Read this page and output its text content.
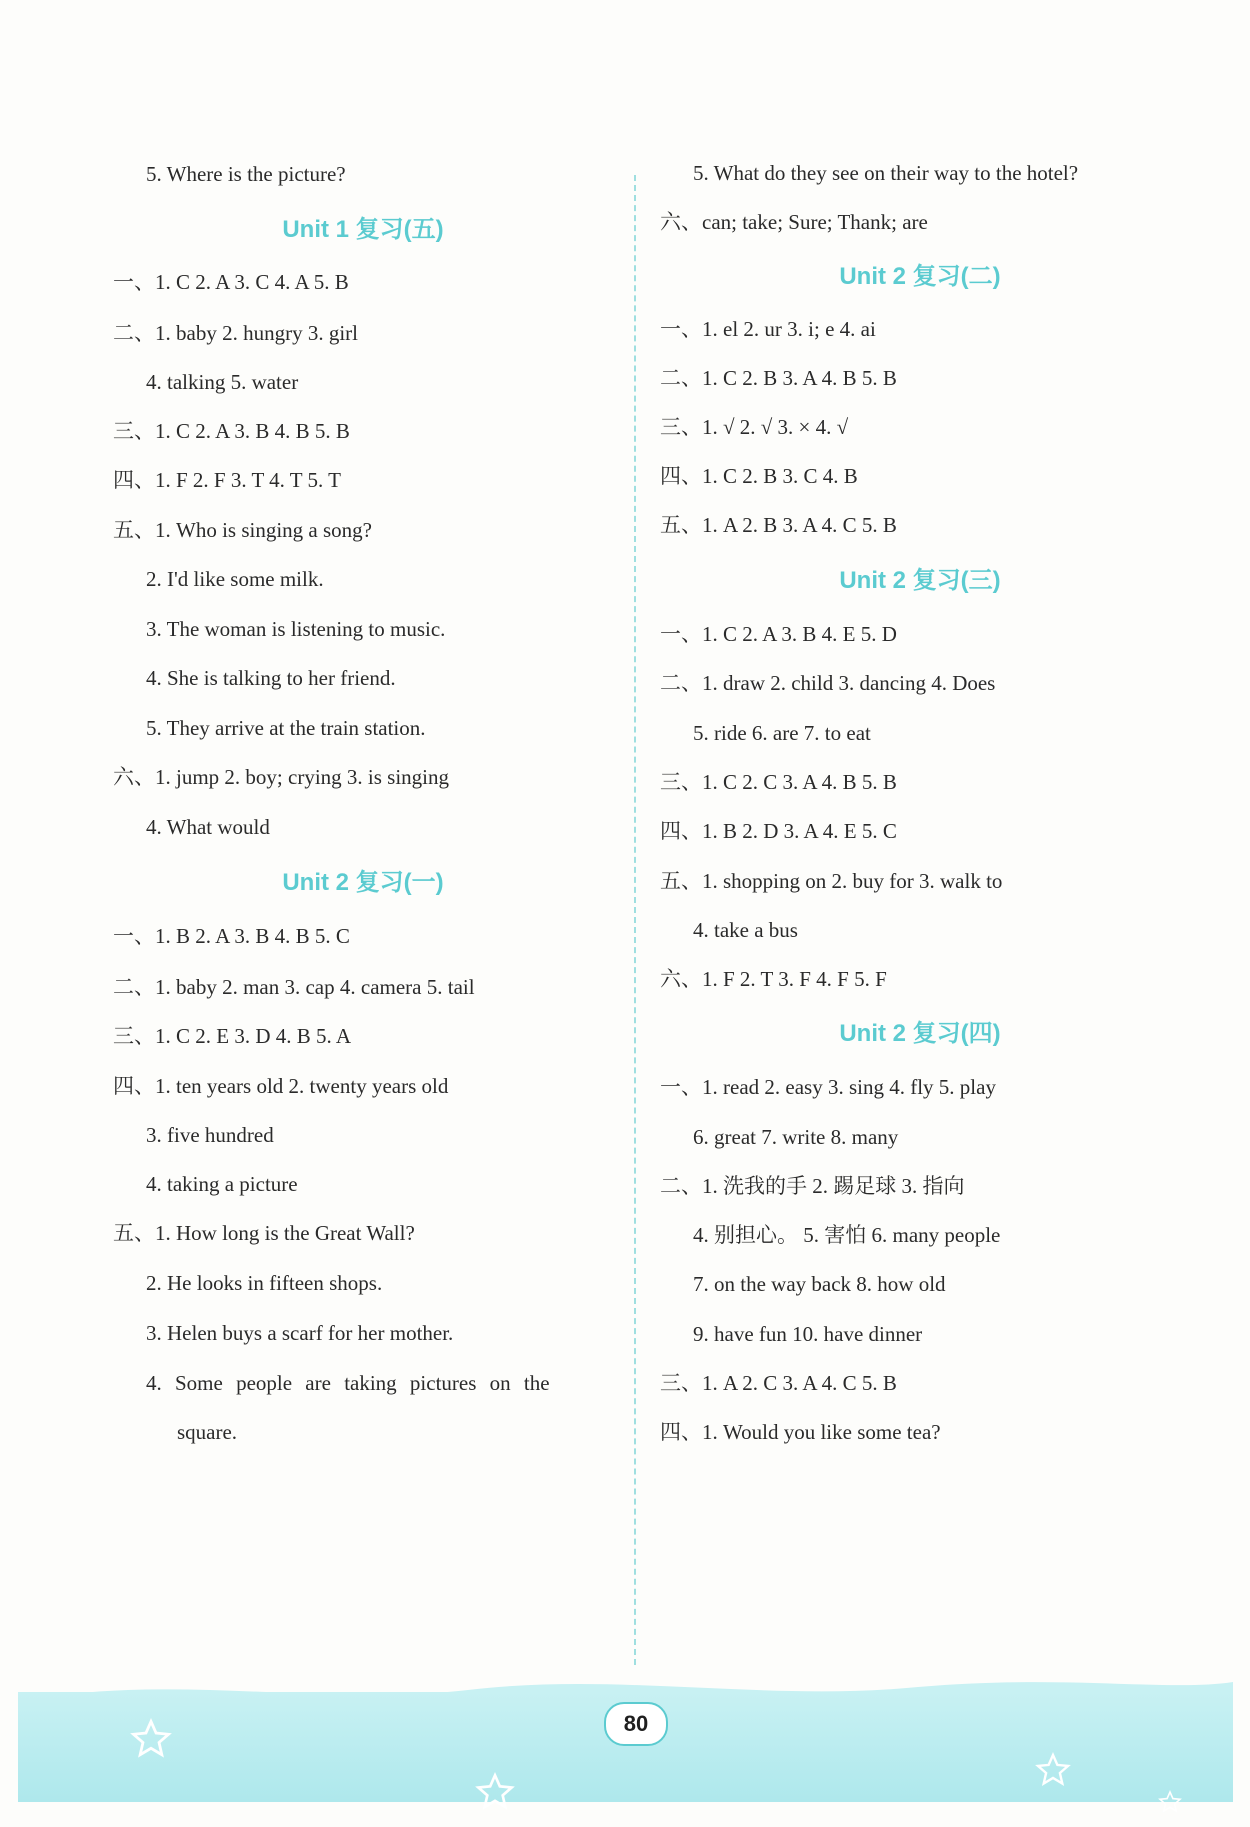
5. Where is the picture?
Unit 1 复习(五)
一、1. C 2. A 3. C 4. A 5. B
二、1. baby 2. hungry 3. girl
4. talking 5. water
三、1. C 2. A 3. B 4. B 5. B
四、1. F 2. F 3. T 4. T 5. T
五、1. Who is singing a song?
2. I'd like some milk.
3. The woman is listening to music.
4. She is talking to her friend.
5. They arrive at the train station.
六、1. jump 2. boy; crying 3. is singing
4. What would
Unit 2 复习(一)
一、1. B 2. A 3. B 4. B 5. C
二、1. baby 2. man 3. cap 4. camera 5. tail
三、1. C 2. E 3. D 4. B 5. A
四、1. ten years old 2. twenty years old
3. five hundred
4. taking a picture
五、1. How long is the Great Wall?
2. He looks in fifteen shops.
3. Helen buys a scarf for her mother.
4. Some people are taking pictures on the
square.
5. What do they see on their way to the hotel?
六、can; take; Sure; Thank; are
Unit 2 复习(二)
一、1. el 2. ur 3. i; e 4. ai
二、1. C 2. B 3. A 4. B 5. B
三、1. √ 2. √ 3. × 4. √
四、1. C 2. B 3. C 4. B
五、1. A 2. B 3. A 4. C 5. B
Unit 2 复习(三)
一、1. C 2. A 3. B 4. E 5. D
二、1. draw 2. child 3. dancing 4. Does
5. ride 6. are 7. to eat
三、1. C 2. C 3. A 4. B 5. B
四、1. B 2. D 3. A 4. E 5. C
五、1. shopping on 2. buy for 3. walk to
4. take a bus
六、1. F 2. T 3. F 4. F 5. F
Unit 2 复习(四)
一、1. read 2. easy 3. sing 4. fly 5. play
6. great 7. write 8. many
二、1. 洗我的手 2. 踢足球 3. 指向
4. 别担心。 5. 害怕 6. many people
7. on the way back 8. how old
9. have fun 10. have dinner
三、1. A 2. C 3. A 4. C 5. B
四、1. Would you like some tea?
80
